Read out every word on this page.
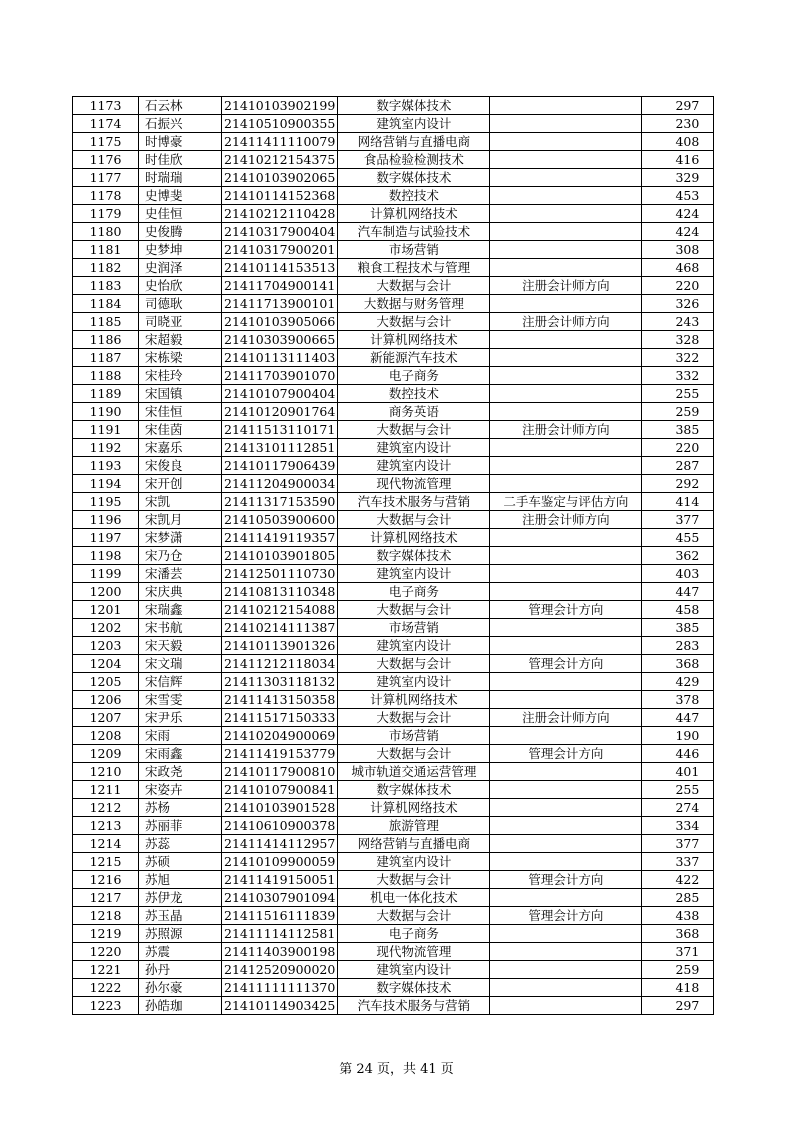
1173	石云林	21410103902199	数字媒体技术		297
1174	石振兴	21410510900355	建筑室内设计		230
1175	时博豪	21411411110079	网络营销与直播电商		408
1176	时佳欣	21410212154375	食品检验检测技术		416
1177	时瑞瑞	21410103902065	数字媒体技术		329
1178	史博斐	21410114152368	数控技术		453
1179	史佳恒	21410212110428	计算机网络技术		424
1180	史俊腾	21410317900404	汽车制造与试验技术		424
1181	史梦坤	21410317900201	市场营销		308
1182	史润泽	21410114153513	粮食工程技术与管理		468
1183	史怡欣	21411704900141	大数据与会计	注册会计师方向	220
1184	司德耿	21411713900101	大数据与财务管理		326
1185	司晓亚	21410103905066	大数据与会计	注册会计师方向	243
1186	宋超毅	21410303900665	计算机网络技术		328
1187	宋栋梁	21410113111403	新能源汽车技术		322
1188	宋桂玲	21411703901070	电子商务		332
1189	宋国镇	21410107900404	数控技术		255
1190	宋佳恒	21410120901764	商务英语		259
1191	宋佳茵	21411513110171	大数据与会计	注册会计师方向	385
1192	宋嘉乐	21413101112851	建筑室内设计		220
1193	宋俊良	21410117906439	建筑室内设计		287
1194	宋开创	21411204900034	现代物流管理		292
1195	宋凯	21411317153590	汽车技术服务与营销	二手车鉴定与评估方向	414
1196	宋凯月	21410503900600	大数据与会计	注册会计师方向	377
1197	宋梦潇	21411419119357	计算机网络技术		455
1198	宋乃仓	21410103901805	数字媒体技术		362
1199	宋潘芸	21412501110730	建筑室内设计		403
1200	宋庆典	21410813110348	电子商务		447
1201	宋瑞鑫	21410212154088	大数据与会计	管理会计方向	458
1202	宋书航	21410214111387	市场营销		385
1203	宋天毅	21410113901326	建筑室内设计		283
1204	宋文瑞	21411212118034	大数据与会计	管理会计方向	368
1205	宋信辉	21411303118132	建筑室内设计		429
1206	宋雪雯	21411413150358	计算机网络技术		378
1207	宋尹乐	21411517150333	大数据与会计	注册会计师方向	447
1208	宋雨	21410204900069	市场营销		190
1209	宋雨鑫	21411419153779	大数据与会计	管理会计方向	446
1210	宋政尧	21410117900810	城市轨道交通运营管理		401
1211	宋姿卉	21410107900841	数字媒体技术		255
1212	苏杨	21410103901528	计算机网络技术		274
1213	苏丽菲	21410610900378	旅游管理		334
1214	苏蕊	21411414112957	网络营销与直播电商		377
1215	苏硕	21410109900059	建筑室内设计		337
1216	苏旭	21411419150051	大数据与会计	管理会计方向	422
1217	苏伊龙	21410307901094	机电一体化技术		285
1218	苏玉晶	21411516111839	大数据与会计	管理会计方向	438
1219	苏照源	21411114112581	电子商务		368
1220	苏震	21411403900198	现代物流管理		371
1221	孙丹	21412520900020	建筑室内设计		259
1222	孙尔豪	21411111111370	数字媒体技术		418
1223	孙皓珈	21410114903425	汽车技术服务与营销		297
第 24 页，共 41 页
